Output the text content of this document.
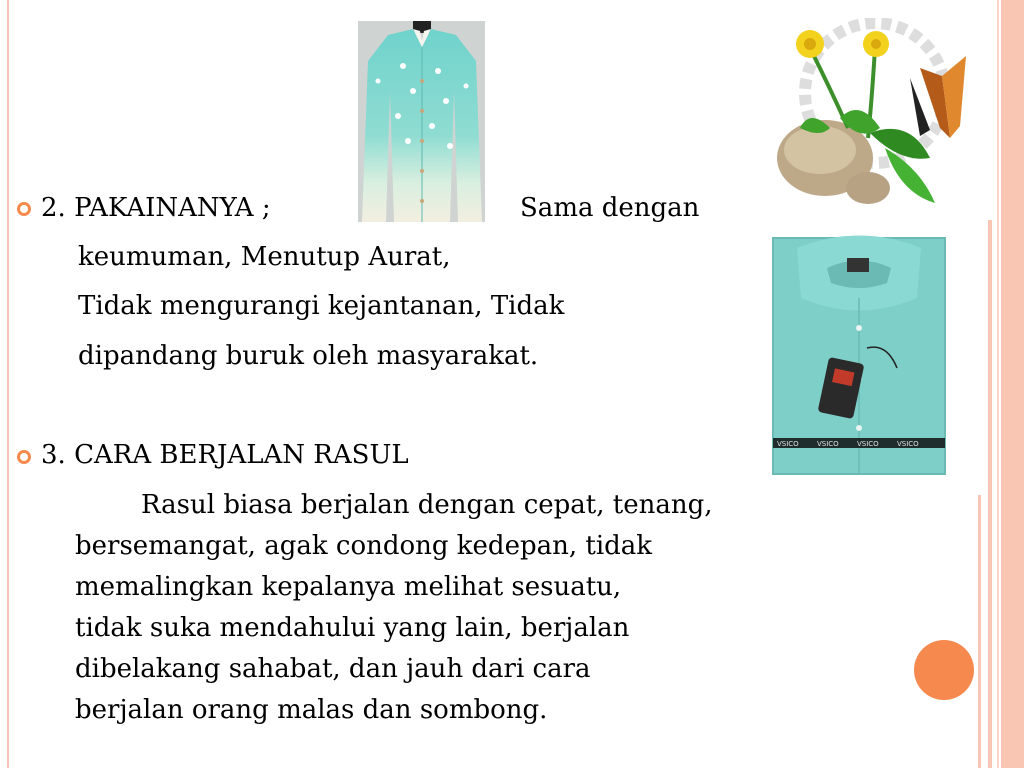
VSICO	VSICO	VSICO	VSICO
2. PAKAINANYA ;	Sama dengan
keumuman, Menutup Aurat,
Tidak mengurangi kejantanan, Tidak
dipandang buruk oleh masyarakat.
3. CARA BERJALAN RASUL
Rasul biasa berjalan dengan cepat, tenang,
bersemangat, agak condong kedepan, tidak
memalingkan kepalanya melihat sesuatu,
tidak suka mendahului yang lain, berjalan
dibelakang sahabat, dan jauh dari cara
berjalan orang malas dan sombong.
